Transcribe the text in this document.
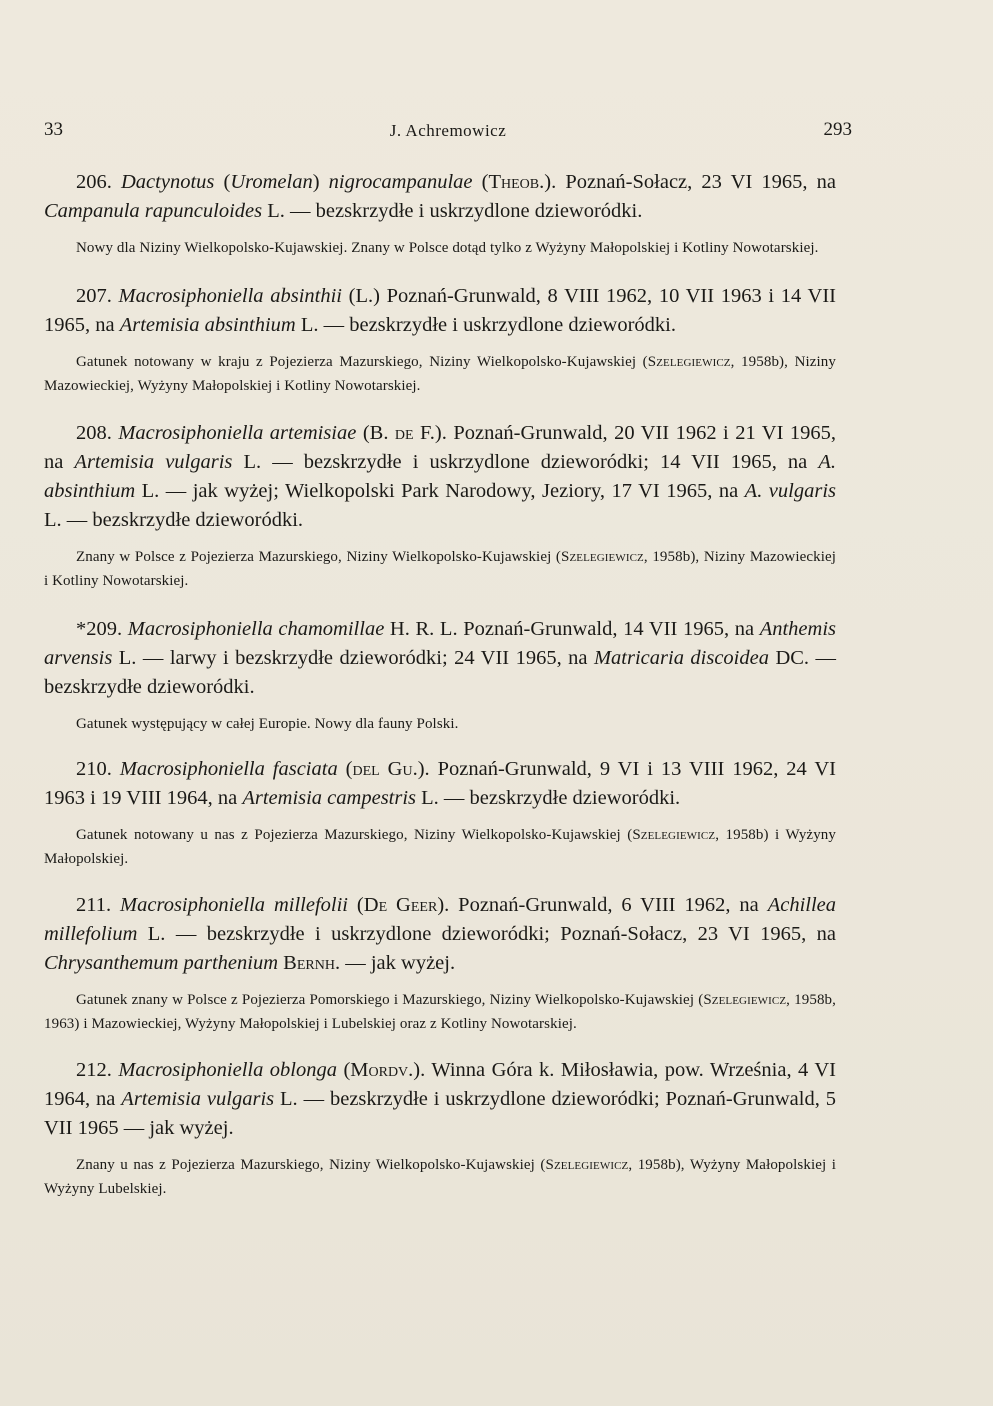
33	J. Achremowicz	293

206. Dactynotus (Uromelan) nigrocampanulae (Theob.). Poznań-Sołacz, 23 VI 1965, na Campanula rapunculoides L. — bezskrzydłe i uskrzydlone dzieworódki.

Nowy dla Niziny Wielkopolsko-Kujawskiej. Znany w Polsce dotąd tylko z Wyżyny Małopolskiej i Kotliny Nowotarskiej.

207. Macrosiphoniella absinthii (L.) Poznań-Grunwald, 8 VIII 1962, 10 VII 1963 i 14 VII 1965, na Artemisia absinthium L. — bezskrzydłe i uskrzydlone dzieworódki.

Gatunek notowany w kraju z Pojezierza Mazurskiego, Niziny Wielkopolsko-Kujawskiej (Szelegiewicz, 1958b), Niziny Mazowieckiej, Wyżyny Małopolskiej i Kotliny Nowotarskiej.

208. Macrosiphoniella artemisiae (B. de F.). Poznań-Grunwald, 20 VII 1962 i 21 VI 1965, na Artemisia vulgaris L. — bezskrzydłe i uskrzydlone dzieworódki; 14 VII 1965, na A. absinthium L. — jak wyżej; Wielkopolski Park Narodowy, Jeziory, 17 VI 1965, na A. vulgaris L. — bezskrzydłe dzieworódki.

Znany w Polsce z Pojezierza Mazurskiego, Niziny Wielkopolsko-Kujawskiej (Szelegiewicz, 1958b), Niziny Mazowieckiej i Kotliny Nowotarskiej.

*209. Macrosiphoniella chamomillae H. R. L. Poznań-Grunwald, 14 VII 1965, na Anthemis arvensis L. — larwy i bezskrzydłe dzieworódki; 24 VII 1965, na Matricaria discoidea DC. — bezskrzydłe dzieworódki.

Gatunek występujący w całej Europie. Nowy dla fauny Polski.

210. Macrosiphoniella fasciata (del Gu.). Poznań-Grunwald, 9 VI i 13 VIII 1962, 24 VI 1963 i 19 VIII 1964, na Artemisia campestris L. — bezskrzydłe dzieworódki.

Gatunek notowany u nas z Pojezierza Mazurskiego, Niziny Wielkopolsko-Kujawskiej (Szelegiewicz, 1958b) i Wyżyny Małopolskiej.

211. Macrosiphoniella millefolii (De Geer). Poznań-Grunwald, 6 VIII 1962, na Achillea millefolium L. — bezskrzydłe i uskrzydlone dzieworódki; Poznań-Sołacz, 23 VI 1965, na Chrysanthemum parthenium Bernh. — jak wyżej.

Gatunek znany w Polsce z Pojezierza Pomorskiego i Mazurskiego, Niziny Wielkopolsko-Kujawskiej (Szelegiewicz, 1958b, 1963) i Mazowieckiej, Wyżyny Małopolskiej i Lubelskiej oraz z Kotliny Nowotarskiej.

212. Macrosiphoniella oblonga (Mordv.). Winna Góra k. Miłosławia, pow. Września, 4 VI 1964, na Artemisia vulgaris L. — bezskrzydłe i uskrzydlone dzieworódki; Poznań-Grunwald, 5 VII 1965 — jak wyżej.

Znany u nas z Pojezierza Mazurskiego, Niziny Wielkopolsko-Kujawskiej (Szelegiewicz, 1958b), Wyżyny Małopolskiej i Wyżyny Lubelskiej.
